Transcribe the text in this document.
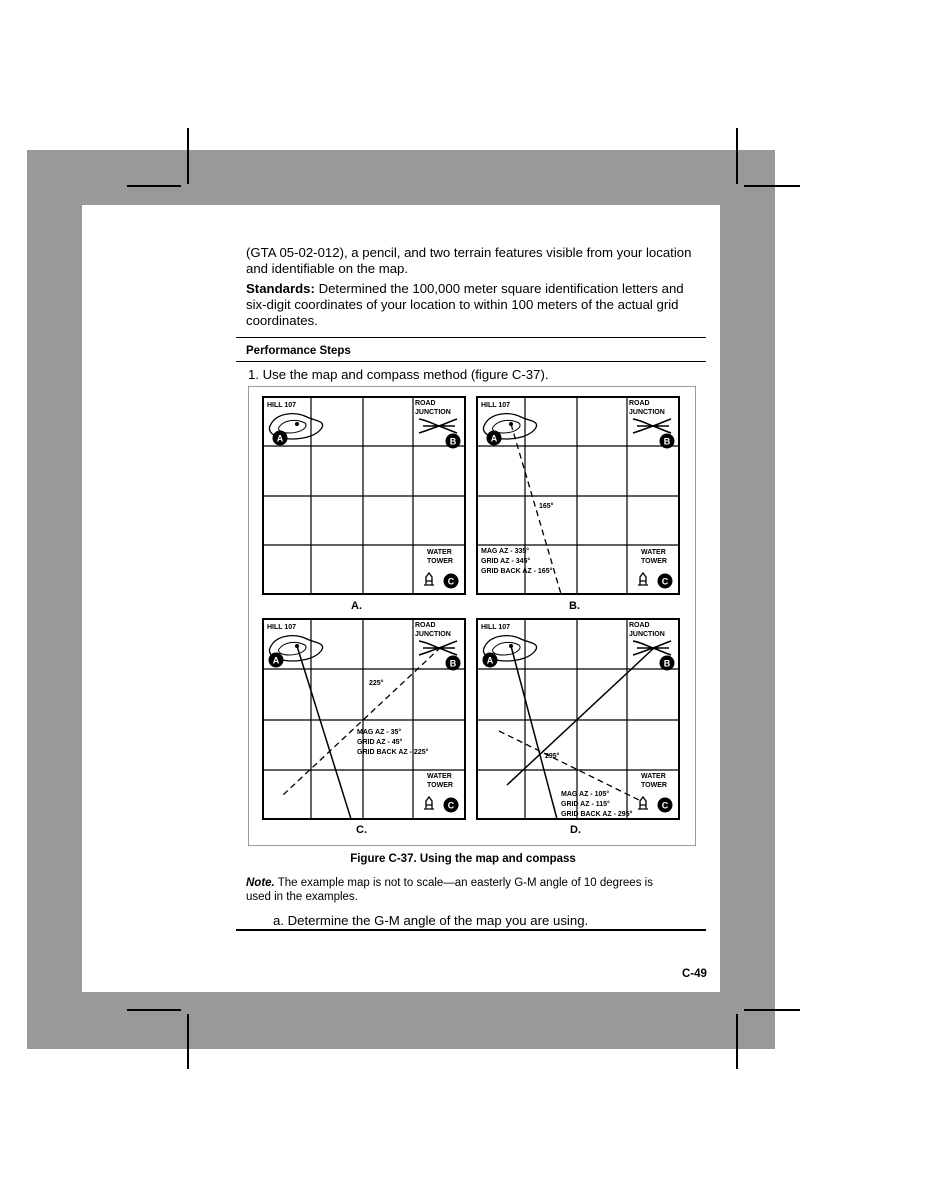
(GTA 05-02-012), a pencil, and two terrain features visible from your location
and identifiable on the map.
Standards: Determined the 100,000 meter square identification letters and
six-digit coordinates of your location to within 100 meters of the actual grid
coordinates.
Performance Steps
1. Use the map and compass method (figure C-37).
HILL 107
A
ROAD
JUNCTION
B
WATER
TOWER
C
A.
HILL 107
A
ROAD
JUNCTION
B
WATER
TOWER
C
165°
MAG AZ - 335°
GRID AZ - 345°
GRID BACK AZ - 165°
B.
HILL 107
A
ROAD
JUNCTION
B
WATER
TOWER
C
225°
MAG AZ - 35°
GRID AZ - 45°
GRID BACK AZ - 225°
C.
HILL 107
A
ROAD
JUNCTION
B
WATER
TOWER
C
295°
MAG AZ - 105°
GRID AZ - 115°
GRID BACK AZ - 295°
D.
Figure C-37. Using the map and compass
Note. The example map is not to scale—an easterly G-M angle of 10 degrees is
used in the examples.
a. Determine the G-M angle of the map you are using.
C-49
